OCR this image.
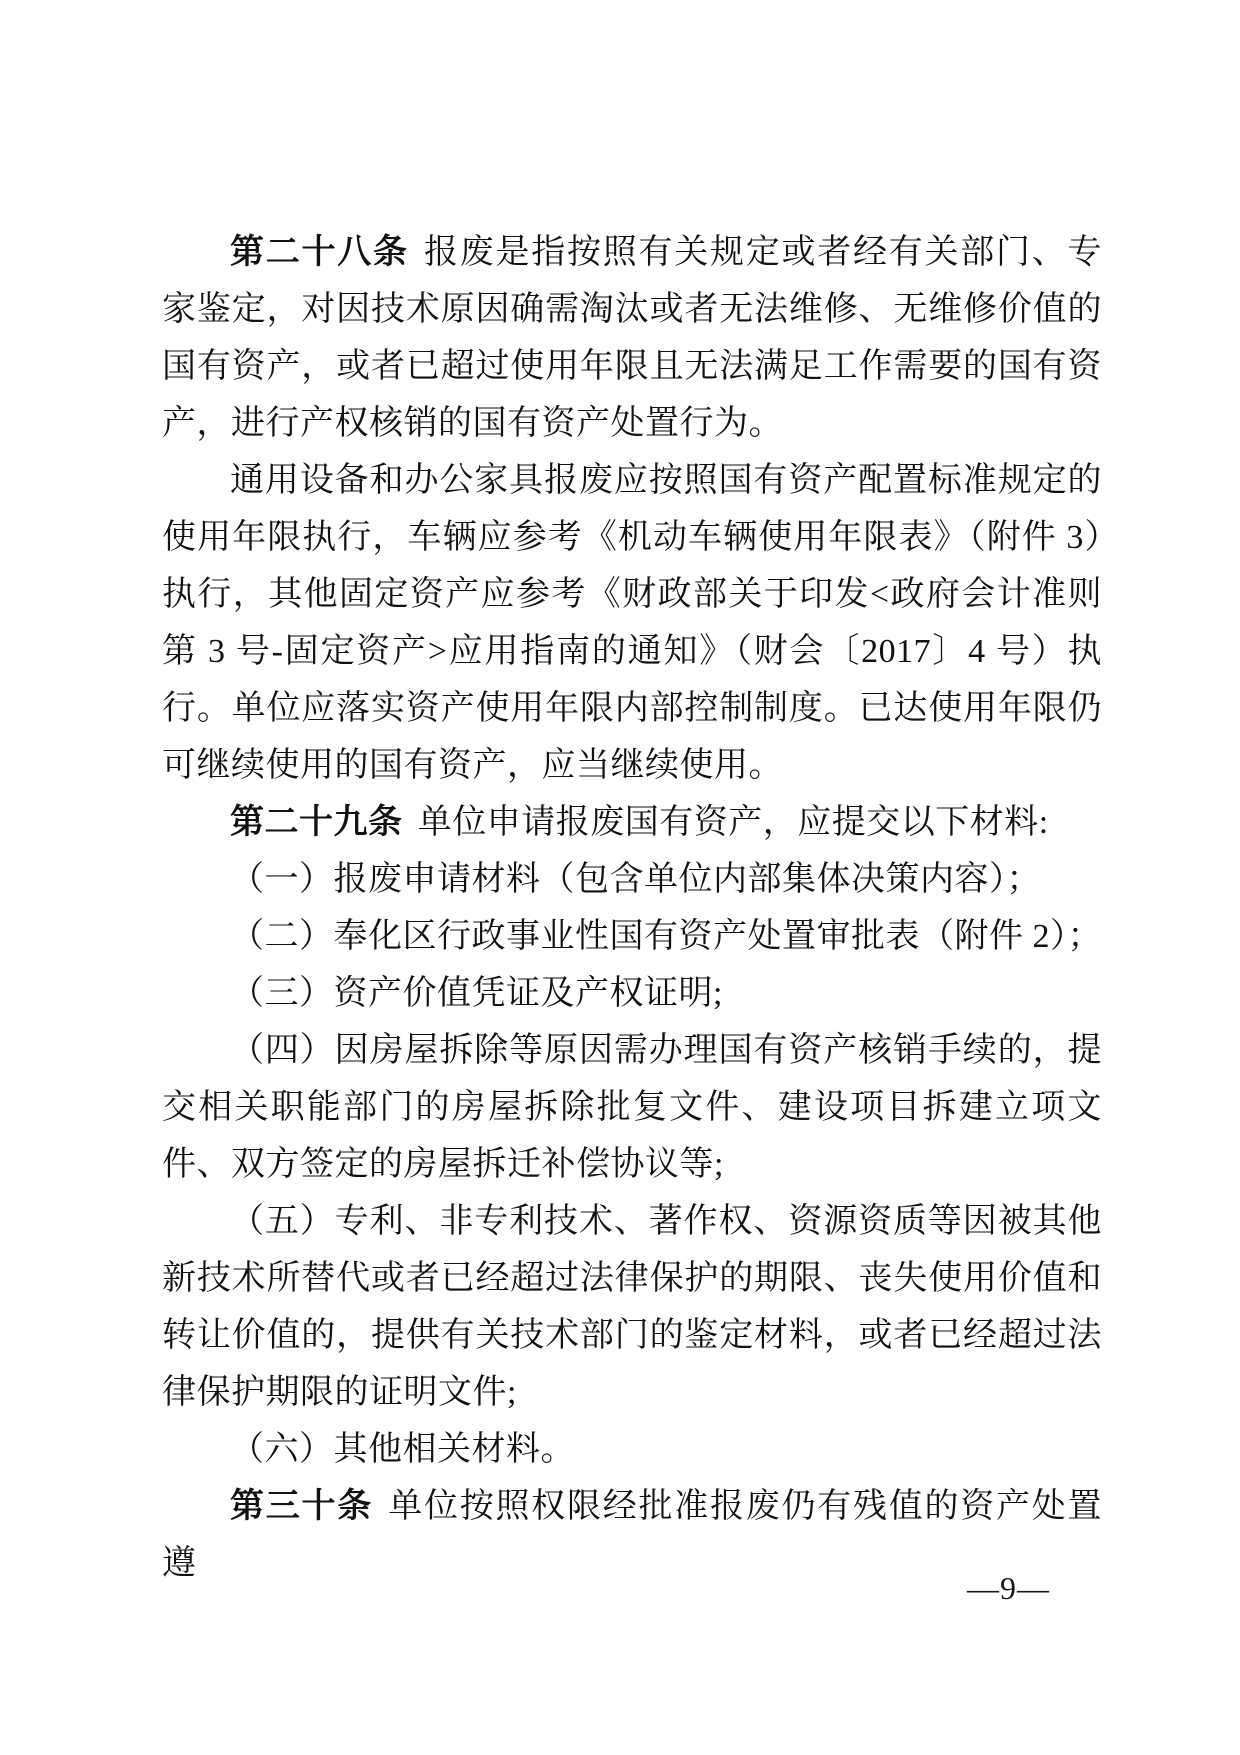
第二十八条 报废是指按照有关规定或者经有关部门、专家鉴定，对因技术原因确需淘汰或者无法维修、无维修价值的国有资产，或者已超过使用年限且无法满足工作需要的国有资产，进行产权核销的国有资产处置行为。

通用设备和办公家具报废应按照国有资产配置标准规定的使用年限执行，车辆应参考《机动车辆使用年限表》（附件 3）执行，其他固定资产应参考《财政部关于印发<政府会计准则第 3 号-固定资产>应用指南的通知》（财会〔2017〕4 号）执行。单位应落实资产使用年限内部控制制度。已达使用年限仍可继续使用的国有资产，应当继续使用。

第二十九条 单位申请报废国有资产，应提交以下材料:

（一）报废申请材料（包含单位内部集体决策内容）；

（二）奉化区行政事业性国有资产处置审批表（附件 2）；

（三）资产价值凭证及产权证明;

（四）因房屋拆除等原因需办理国有资产核销手续的，提交相关职能部门的房屋拆除批复文件、建设项目拆建立项文件、双方签定的房屋拆迁补偿协议等;

（五）专利、非专利技术、著作权、资源资质等因被其他新技术所替代或者已经超过法律保护的期限、丧失使用价值和转让价值的，提供有关技术部门的鉴定材料，或者已经超过法律保护期限的证明文件;

（六）其他相关材料。

第三十条 单位按照权限经批准报废仍有残值的资产处置遵

—9—
